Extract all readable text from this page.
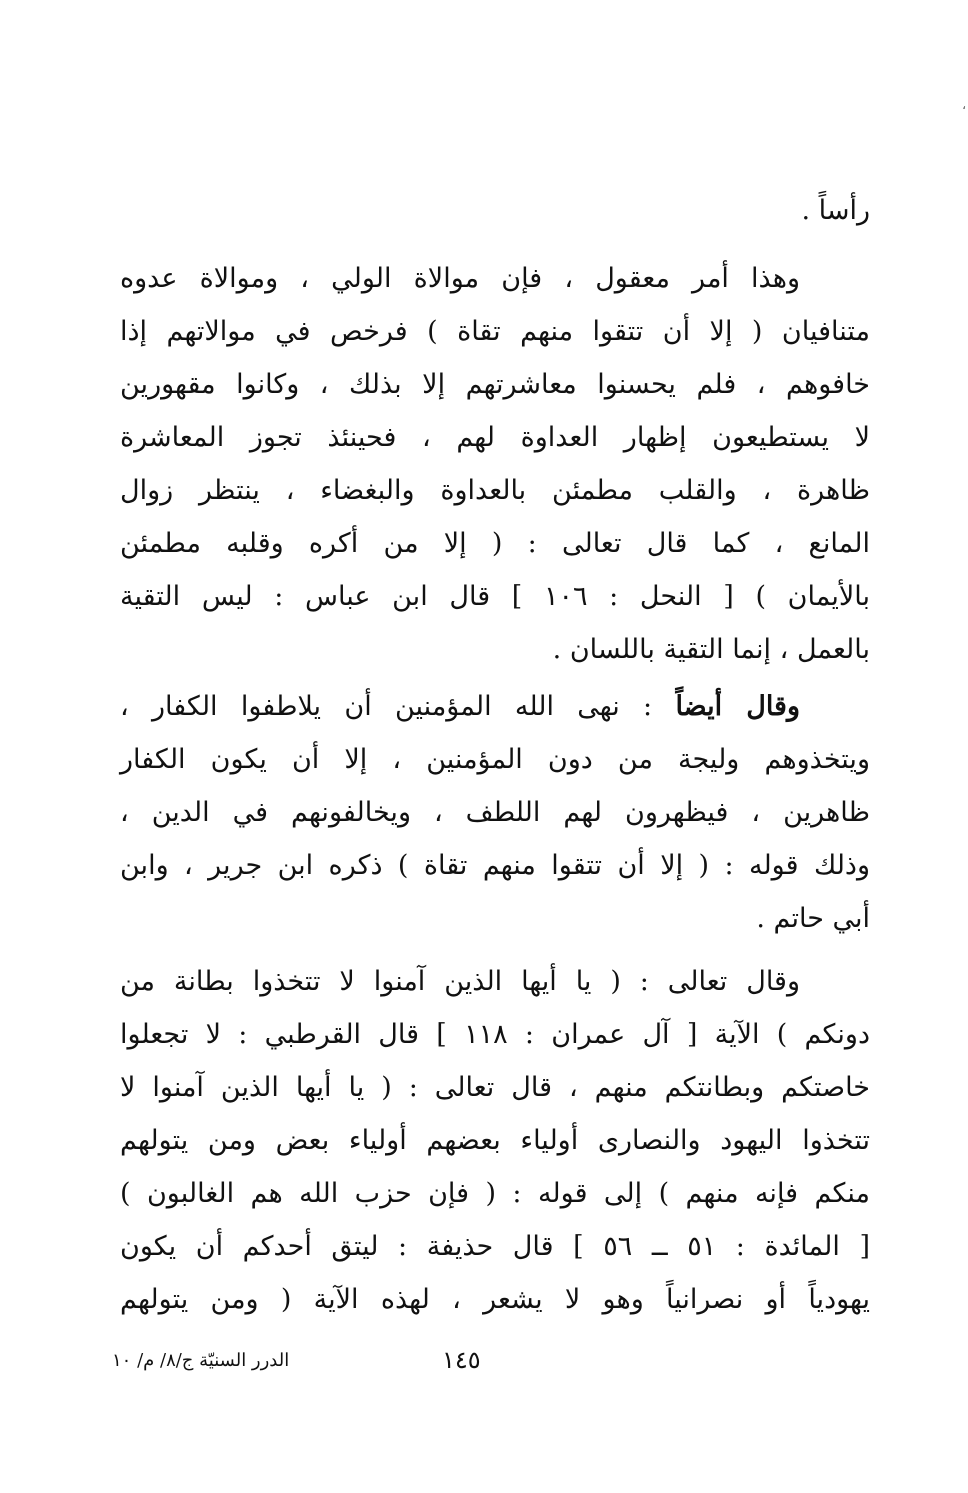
،
رأساً .
وهذا أمر معقول ، فإن موالاة الولي ، وموالاة عدوه
متنافيان ( إلا أن تتقوا منهم تقاة ) فرخص في موالاتهم إذا
خافوهم ، فلم يحسنوا معاشرتهم إلا بذلك ، وكانوا مقهورين
لا يستطيعون إظهار العداوة لهم ، فحينئذ تجوز المعاشرة
ظاهرة ، والقلب مطمئن بالعداوة والبغضاء ، ينتظر زوال
المانع ، كما قال تعالى : ( إلا من أكره وقلبه مطمئن
بالأيمان ) [ النحل : ١٠٦ ] قال ابن عباس : ليس التقية
بالعمل ، إنما التقية باللسان .
وقال أيضاً : نهى الله المؤمنين أن يلاطفوا الكفار ،
ويتخذوهم وليجة من دون المؤمنين ، إلا أن يكون الكفار
ظاهرين ، فيظهرون لهم اللطف ، ويخالفونهم في الدين ،
وذلك قوله : ( إلا أن تتقوا منهم تقاة ) ذكره ابن جرير ، وابن
أبي حاتم .
وقال تعالى : ( يا أيها الذين آمنوا لا تتخذوا بطانة من
دونكم ) الآية [ آل عمران : ١١٨ ] قال القرطبي : لا تجعلوا
خاصتكم وبطانتكم منهم ، قال تعالى : ( يا أيها الذين آمنوا لا
تتخذوا اليهود والنصارى أولياء بعضهم أولياء بعض ومن يتولهم
منكم فإنه منهم ) إلى قوله : ( فإن حزب الله هم الغالبون )
[ المائدة : ٥١ ــ ٥٦ ] قال حذيفة : ليتق أحدكم أن يكون
يهودياً أو نصرانياً وهو لا يشعر ، لهذه الآية ( ومن يتولهم
١٤٥
الدرر السنيّة ج/٨/ م/ ١٠
